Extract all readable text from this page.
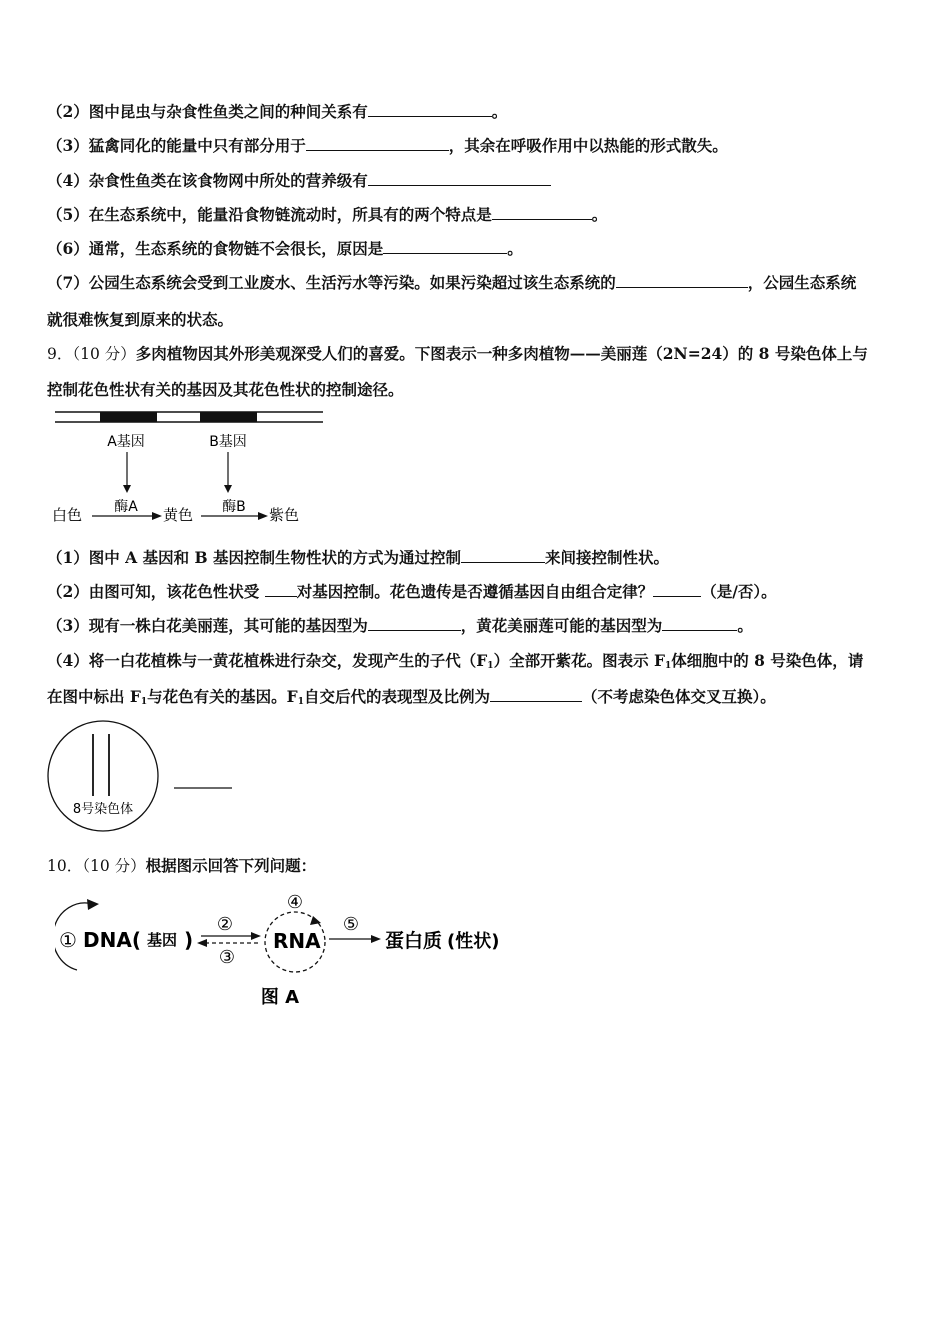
（2）图中昆虫与杂食性鱼类之间的种间关系有	。
（3）猛禽同化的能量中只有部分用于	，其余在呼吸作用中以热能的形式散失。
（4）杂食性鱼类在该食物网中所处的营养级有
（5）在生态系统中，能量沿食物链流动时，所具有的两个特点是	。
（6）通常，生态系统的食物链不会很长，原因是	。
（7）公园生态系统会受到工业废水、生活污水等污染。如果污染超过该生态系统的	，公园生态系统
就很难恢复到原来的状态。
9．（10 分）多肉植物因其外形美观深受人们的喜爱。下图表示一种多肉植物——美丽莲（2N=24）的 8 号染色体上与
控制花色性状有关的基因及其花色性状的控制途径。
A基因	B基因
白色 酶A 黄色 酶B 紫色
（1）图中 A 基因和 B 基因控制生物性状的方式为通过控制	来间接控制性状。
（2）由图可知，该花色性状受 对基因控制。花色遗传是否遵循基因自由组合定律？	（是/否）。
（3）现有一株白花美丽莲，其可能的基因型为	，黄花美丽莲可能的基因型为	。
（4）将一白花植株与一黄花植株进行杂交，发现产生的子代$(F_1)$全部开紫花。图表示 $F_1$体细胞中的 8 号染色体，请
在图中标出 $F_1$与花色有关的基因。$F_1$自交后代的表现型及比例为	（不考虑染色体交叉互换）。
8号染色体
10．（10 分）根据图示回答下列问题：
① DNA( 基因 )
②
③
④
RNA
⑤
蛋白质 (性状)
图 A
